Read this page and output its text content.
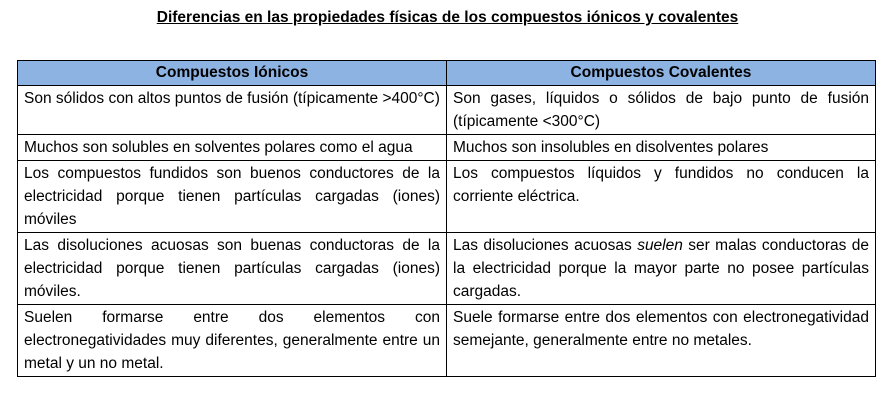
Diferencias en las propiedades físicas de los compuestos iónicos y covalentes
Compuestos Iónicos	Compuestos Covalentes
Son sólidos con altos puntos de fusión (típicamente >400°C)	Son gases, líquidos o sólidos de bajo punto de fusión (típicamente <300°C)
Muchos son solubles en solventes polares como el agua	Muchos son insolubles en disolventes polares
Los compuestos fundidos son buenos conductores de la electricidad porque tienen partículas cargadas (iones) móviles	Los compuestos líquidos y fundidos no conducen la corriente eléctrica.
Las disoluciones acuosas son buenas conductoras de la electricidad porque tienen partículas cargadas (iones) móviles.	Las disoluciones acuosas suelen ser malas conductoras de la electricidad porque la mayor parte no posee partículas cargadas.
Suelen formarse entre dos elementos con electronegatividades muy diferentes, generalmente entre un metal y un no metal.	Suele formarse entre dos elementos con electronegatividad semejante, generalmente entre no metales.
